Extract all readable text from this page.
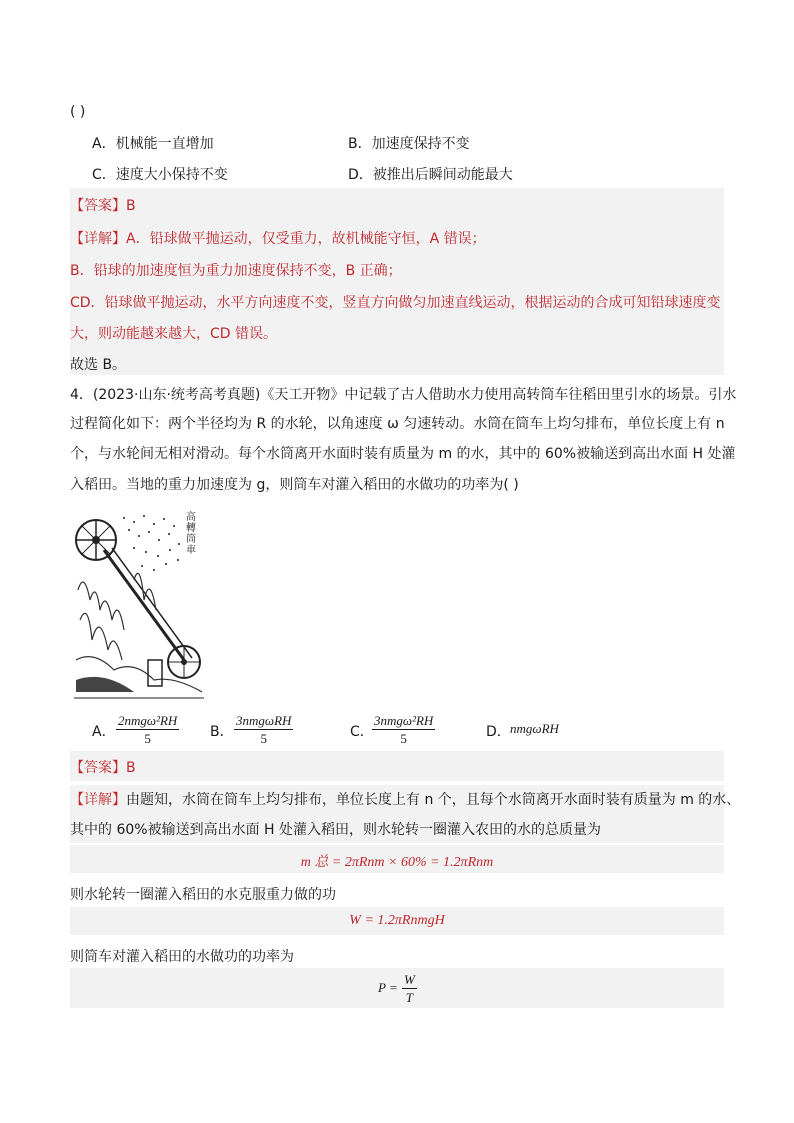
( )
A．机械能一直增加	B．加速度保持不变
C．速度大小保持不变	D．被推出后瞬间动能最大
【答案】B
【详解】A．铅球做平抛运动，仅受重力，故机械能守恒，A 错误；
B．铅球的加速度恒为重力加速度保持不变，B 正确；
CD．铅球做平抛运动，水平方向速度不变，竖直方向做匀加速直线运动，根据运动的合成可知铅球速度变
大，则动能越来越大，CD 错误。
故选 B。
4．(2023·山东·统考高考真题)《天工开物》中记载了古人借助水力使用高转筒车往稻田里引水的场景。引水
过程简化如下：两个半径均为 R 的水轮，以角速度 ω 匀速转动。水筒在筒车上均匀排布，单位长度上有 n
个，与水轮间无相对滑动。每个水筒离开水面时装有质量为 m 的水，其中的 60%被输送到高出水面 H 处灌
入稻田。当地的重力加速度为 g，则筒车对灌入稻田的水做功的功率为( )
高轉筒車
A．
2nmgω²RH
5	B．
3nmgωRH
5	C．
3nmgω²RH
5	D． nmgωRH
【答案】B
【详解】由题知，水筒在筒车上均匀排布，单位长度上有 n 个，且每个水筒离开水面时装有质量为 m 的水、
其中的 60%被输送到高出水面 H 处灌入稻田，则水轮转一圈灌入农田的水的总质量为
m 总 = 2πRnm × 60% = 1.2πRnm
则水轮转一圈灌入稻田的水克服重力做的功
W = 1.2πRnmgH
则筒车对灌入稻田的水做功的功率为
$P = \frac{W}{T}$
